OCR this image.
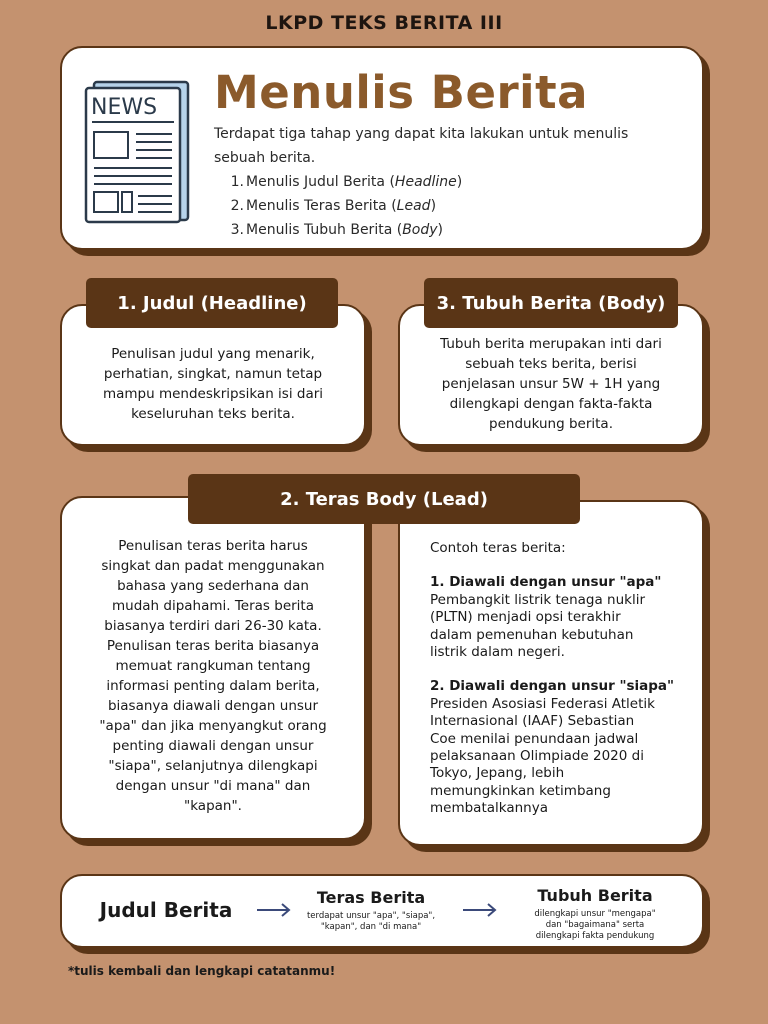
LKPD TEKS BERITA III
NEWS Menulis Berita
Terdapat tiga tahap yang dapat kita lakukan untuk menulis
sebuah berita.
1. Menulis Judul Berita (Headline)
2. Menulis Teras Berita (Lead)
3. Menulis Tubuh Berita (Body)
Penulisan judul yang menarik,
perhatian, singkat, namun tetap
mampu mendeskripsikan isi dari
keseluruhan teks berita.
1. Judul (Headline)
Tubuh berita merupakan inti dari
sebuah teks berita, berisi
penjelasan unsur 5W + 1H yang
dilengkapi dengan fakta-fakta
pendukung berita.
3. Tubuh Berita (Body)
Penulisan teras berita harus
singkat dan padat menggunakan
bahasa yang sederhana dan
mudah dipahami. Teras berita
biasanya terdiri dari 26-30 kata.
Penulisan teras berita biasanya
memuat rangkuman tentang
informasi penting dalam berita,
biasanya diawali dengan unsur
"apa" dan jika menyangkut orang
penting diawali dengan unsur
"siapa", selanjutnya dilengkapi
dengan unsur "di mana" dan
"kapan".
Contoh teras berita:
1. Diawali dengan unsur "apa"
Pembangkit listrik tenaga nuklir
(PLTN) menjadi opsi terakhir
dalam pemenuhan kebutuhan
listrik dalam negeri.
2. Diawali dengan unsur "siapa"
Presiden Asosiasi Federasi Atletik
Internasional (IAAF) Sebastian
Coe menilai penundaan jadwal
pelaksanaan Olimpiade 2020 di
Tokyo, Jepang, lebih
memungkinkan ketimbang
membatalkannya
2. Teras Body (Lead)
Judul Berita
Teras Berita
terdapat unsur "apa", "siapa",
"kapan", dan "di mana"
Tubuh Berita
dilengkapi unsur "mengapa"
dan "bagaimana" serta
dilengkapi fakta pendukung
*tulis kembali dan lengkapi catatanmu!
